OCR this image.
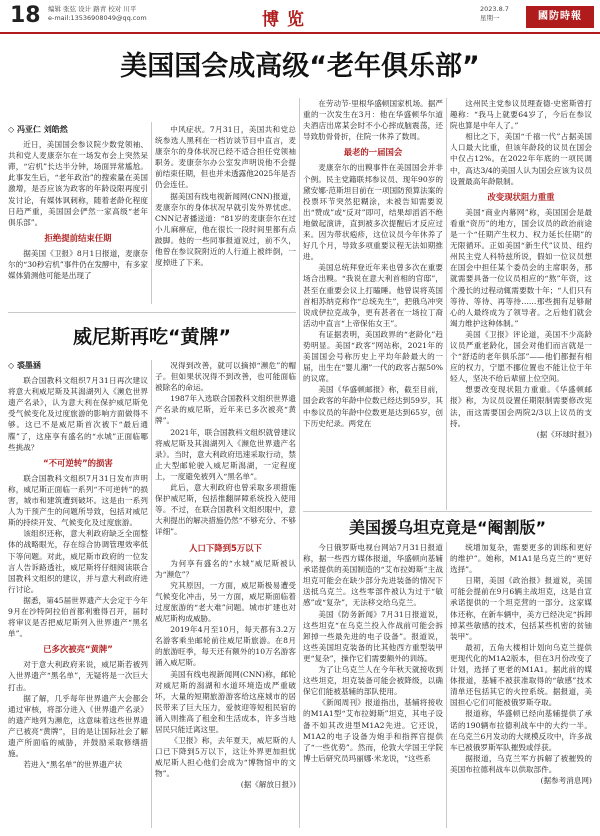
18 编辑 张弦 设计 路青 校对 川平
e-mail:13536908049@qq.com	博览
2023.8.7
星期一	國防時報
美国国会成高级“老年俱乐部”
◇ 冯亚仁 刘皓然

近日，美国国会参议院少数党领袖、共和党人麦康奈尔在一场发布会上突然呆滞，“宕机”长达半分钟，场面异常尴尬。此事发生后，“老年政治”的搜索量在美国激增，是否应该为政客的年龄设限再度引发讨论，有媒体讽刺称，随着老龄化程度日趋严重，美国国会俨然一家高级“老年俱乐部”。

拒绝提前结束任期

据美国《卫报》8月1日报道，麦康奈尔的“30秒宕机”事件仍在发酵中，有多家媒体猜测他可能是出现了

中风症状。7月31日，美国共和党总统参选人黑利在一档访谈节目中直言，麦康奈尔的身体状况已经不适合担任党领袖职务。麦康奈尔办公室发声明说他不会提前结束任期，但也并未透露他2025年是否仍会连任。

据美国有线电视新闻网(CNN)报道，麦康奈尔的身体状况早就引发外界忧虑。CNN记者播送道：“81岁的麦康奈尔在过小儿麻痹症，他在很长一段时间里都有点跛脚。他的一些同事报道说过，前不久，他曾在参议院附近的人行道上被绊倒，一度掉进了下来。

在劳动节·里根华盛顿国家机场。据严重的一次发生在3月：他在华盛顿华尔道夫酒店出席某会时不小心摔成脑震荡，还导致肋骨骨折，住院一休养了数周。

最老的一届国会

麦康奈尔的出糗事件在美国国会并非个例。民主党籍联邦参议员、现年90岁的黛安娜·范斯坦目前在一项国防预算法案的投票环节突然犯糊涂，未被告知需要说出“赞成”或“反对”即可，结果却滔滔不绝地做起演讲，直到被多次提醒后才反应过来。因为带状疱疹，这位议员今年休养了好几个月，导致多项重要议程无法如期推进。

美国总统拜登近年来也曾多次在重要场合出糗。“我说在意大利首相的官邸”，甚至在重要会议上打瞌睡。他曾误将英国首相苏纳克称作“总统先生”，把俄乌冲突说成伊拉克战争，更有甚者在一场拉丁裔活动中直言“上帝保佑女王”。

有证据表明，美国政界的“老龄化”趋势明显。美国“政客”网站称，2021年的美国国会号称历史上平均年龄最大的一届，出生在“婴儿潮”一代的政客占据50%的议席。

美国《华盛顿邮报》称，截至目前，国会政客的年龄中位数已经达到59岁，其中参议员的年龄中位数更是达到65岁，创下历史纪录。两党在

这州民主党参议员理查德·史密斯曾打趣称：“我马上就要64岁了，今后在参议院也算是中年人了。”

相比之下，美国“千禧一代”占据美国人口最大比重，但该年龄段的议员在国会中仅占12%。在2022年年底的一项民调中，高达3/4的美国人认为国会应该为议员设置最高年龄限制。

改变现状阻力重重

美国“商业内幕网”称，美国国会是最看重“资历”的地方，国会议员的政治前途是一个“任期产生权力、权力延长任期”的无限循环。正如美国“新生代”议员、纽约州民主党人科特兹所说，假如一位议员想在国会中担任某个委员会的主席职务，那就需要具备一位议员相应的“熬”年资，这个漫长的过程动辄需要数十年；“人们只有等待、等待、再等待……那些拥有足够耐心的人最终成为了领导者。之后他们就会竭力维护这种体制。”

美国《卫报》评论道，美国不少高龄议员严重老龄化，国会对他们而言就是一个“舒适的老年俱乐部”——他们都握有相应的权力，宁愿不挪位置也不能让位于年轻人，坚决不给后辈留上位空间。

想要改变现状阻力重重。《华盛顿邮报》称，为议员设置任期限制需要修改宪法，而这需要国会两院2/3以上议员的支持。

(据《环球时报》)
威尼斯再吃“黄牌”
◇ 裘墨涵

联合国教科文组织7月31日再次建议将意大利威尼斯及其潟湖列入《濒危世界遗产名录》，认为意大利在保护威尼斯免受气候变化及过度旅游的影响方面做得不够。这已不是威尼斯首次被下“最后通牒”了，这座享有盛名的“水城”正面临哪些挑战？

“不可逆转”的损害

联合国教科文组织7月31日发布声明称，威尼斯正面临一系列“不可逆转”的损害，城市和建筑遭到破坏。这是由一系列人为干预产生的问题所导致，包括对威尼斯的持续开发、气候变化及过度旅游。

该组织还称，意大利政府缺乏全面整体的战略眼光，存在综合协调管理效率低下等问题。对此，威尼斯市政府的一位发言人告诉路透社，威尼斯将仔细阅读联合国教科文组织的建议，并与意大利政府进行讨论。

据悉，第45届世界遗产大会定于今年9月在沙特阿拉伯首都利雅得召开，届时将审议是否把威尼斯列入世界遗产“黑名单”。

已多次被亮“黄牌”

对于意大利政府来说，威尼斯若被列入世界遗产“黑名单”，无疑将是一次巨大打击。

据了解，几乎每年世界遗产大会都会通过审核，将部分进入《世界遗产名录》的遗产地列为濒危，这意味着这些世界遗产已被亮“黄牌”，目的是让国际社会了解遗产所面临的威胁，并鼓励采取修缮措施。

若进入“黑名单”的世界遗产状

况得到改善，就可以摘掉“濒危”的帽子。但如果状况得不到改善，也可能面临被除名的命运。

1987年入选联合国教科文组织世界遗产名录的威尼斯，近年来已多次被亮“黄牌”。

2021年，联合国教科文组织就曾建议将威尼斯及其潟湖列入《濒危世界遗产名录》。当时，意大利政府迅速采取行动，禁止大型邮轮驶入威尼斯潟湖，一定程度上，一度避免被列入“黑名单”。

此后，意大利政府也曾采取多项措施保护威尼斯，包括推翻屏障系统投入使用等。不过，在联合国教科文组织眼中，意大利提出的解决措施仍然“不够充分、不够详细”。

人口下降到5万以下

为何享有盛名的“水城”威尼斯被认为“濒危”？

究其原因，一方面，威尼斯极易遭受气候变化冲击，另一方面，威尼斯面临着过度旅游的“老大难”问题。城市扩建也对威尼斯构成威胁。

2019年4月至10月，每天都有3.2万名游客乘坐邮轮前往威尼斯旅游。在8月的旅游旺季，每天还有额外的10万名游客涌入威尼斯。

美国有线电视新闻网(CNN)称，邮轮对威尼斯的潟湖和水道环境造成严重破坏，大量的短期旅游游客给这座城市的居民带来了巨大压力，爱彼迎等短租民宿的涌入则推高了租金和生活成本，许多当地居民只能迁离这里。

《卫报》称，去年夏天，威尼斯的人口已下降到5万以下，这让外界更加担忧威尼斯人担心他们会成为“博物馆中的文物”。

(据《解放日报》)
美国援乌坦克竟是“阉割版”

今日俄罗斯电视台网站7月31日报道称，据一些西方媒体报道，华盛顿向基辅承诺提供的美国制造的“艾布拉姆斯”主战坦克可能会在缺少部分先进装备的情况下送抵乌克兰。这些零部件被认为过于“敏感”或“复杂”，无法移交给乌克兰。

美国《防务新闻》7月31日报道说，这些坦克“在乌克兰投入作战前可能会拆卸掉一些最先进的电子设备”。报道说，这些美国坦克装备的比其他西方重型装甲更“复杂”，操作它们需要额外的训练。

为了让乌克兰人在今年秋天就接收到这些坦克，坦克装备可能会被降级，以确保它们能被基辅的部队使用。

《新闻周刊》报道指出，基辅将接收的M1A1型“艾布拉姆斯”坦克，其电子设备不如其改进型M1A2先进。它还说，M1A2的电子设备为炮手和指挥官提供了“一些优势”。然而，伦敦大学国王学院博士后研究员玛丽娜·米龙说，“这些系

统增加复杂，需要更多的训练和更好的维护”。她称，M1A1是乌克兰的“更好选择”。

日期，美国《政治报》报道说，美国可能会提前在9月6辆主战坦克，这是自宣承诺提供的一个坦克营的一部分。这家媒体还称，在新车辆中，美方已经决定“拆卸掉某些敏感的技术，包括某些机密的贫铀装甲”。

最初，五角大楼相计划向乌克兰提供更现代化的M1A2版本，但在3月份改变了计划，选择了更老的M1A1。据此前的媒体报道，基辅不被获准取得的“敏感”技术清单还包括其它的火控系统。据报道，美国担心它们可能被俄罗斯夺取。

报道称，华盛顿已经向基辅提供了承诺的190辆布拉德利战车中的大约一半。在乌克兰6月发动的大规模反攻中，许多战车已被俄罗斯军队摧毁或俘获。

据报道，乌克兰军方拆解了被摧毁的美国布拉德利战车以供取部件。

(据参考消息网)
